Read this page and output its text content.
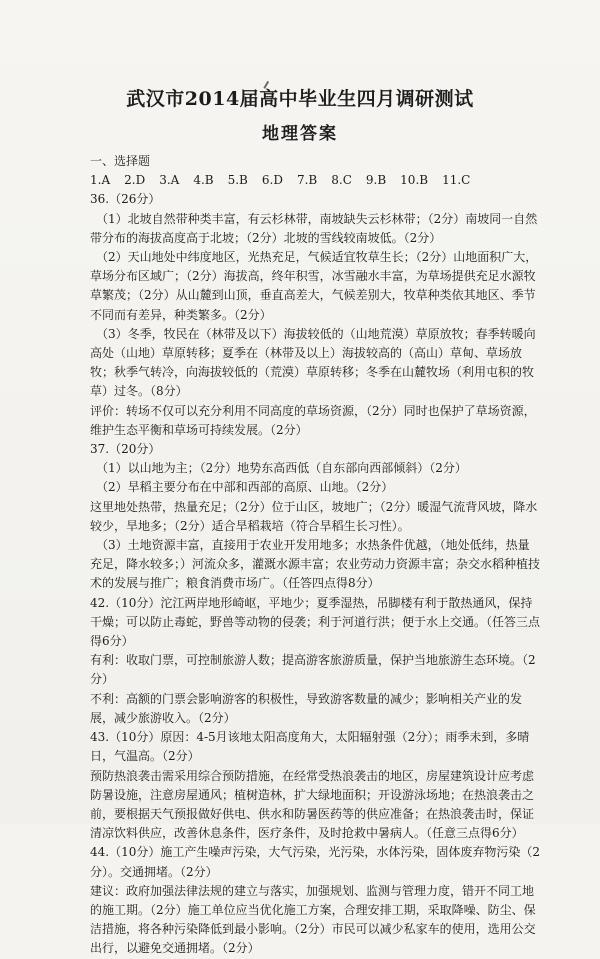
武汉市2014届高中毕业生四月调研测试
地理答案

一、选择题

1.A 2.D 3.A 4.B 5.B 6.D 7.B 8.C 9.B 10.B 11.C

36.（26分）

（1）北坡自然带种类丰富，有云杉林带，南坡缺失云杉林带；（2分）南坡同一自然带分布的海拔高度高于北坡；（2分）北坡的雪线较南坡低。（2分）

（2）天山地处中纬度地区，光热充足，气候适宜牧草生长；（2分）山地面积广大，草场分布区域广；（2分）海拔高，终年积雪，冰雪融水丰富，为草场提供充足水源牧草繁茂；（2分）从山麓到山顶，垂直高差大，气候差别大，牧草种类依其地区、季节不同而有差异，种类繁多。（2分）

（3）冬季，牧民在（林带及以下）海拔较低的（山地荒漠）草原放牧；春季转暖向高处（山地）草原转移；夏季在（林带及以上）海拔较高的（高山）草甸、草场放牧；秋季气转冷，向海拔较低的（荒漠）草原转移；冬季在山麓牧场（利用屯积的牧草）过冬。（8分）

评价：转场不仅可以充分利用不同高度的草场资源，（2分）同时也保护了草场资源，维护生态平衡和草场可持续发展。（2分）

37.（20分）

（1）以山地为主；（2分）地势东高西低（自东部向西部倾斜）（2分）

（2）旱稻主要分布在中部和西部的高原、山地。（2分）

这里地处热带，热量充足；（2分）位于山区，坡地广；（2分）暖湿气流背风坡，降水较少，旱地多；（2分）适合旱稻栽培（符合旱稻生长习性）。

（3）土地资源丰富，直接用于农业开发用地多；水热条件优越，（地处低纬，热量充足，降水较多；）河流众多，灌溉水源丰富；农业劳动力资源丰富；杂交水稻种植技术的发展与推广；粮食消费市场广。（任答四点得8分）

42.（10分）沱江两岸地形崎岖，平地少；夏季湿热，吊脚楼有利于散热通风，保持干燥；可以防止毒蛇，野兽等动物的侵袭；利于河道行洪；便于水上交通。（任答三点得6分）

有利：收取门票，可控制旅游人数；提高游客旅游质量，保护当地旅游生态环境。（2分）

不利：高额的门票会影响游客的积极性，导致游客数量的减少；影响相关产业的发展，减少旅游收入。（2分）

43.（10分）原因：4-5月该地太阳高度角大，太阳辐射强（2分）；雨季未到，多晴日，气温高。（2分）

预防热浪袭击需采用综合预防措施，在经常受热浪袭击的地区，房屋建筑设计应考虑防暑设施，注意房屋通风；植树造林，扩大绿地面积；开设游泳场地；在热浪袭击之前，要根据天气预报做好供电、供水和防暑医药等的供应准备；在热浪袭击时，保证清凉饮料供应，改善休息条件，医疗条件，及时抢救中暑病人。（任意三点得6分）

44.（10分）施工产生噪声污染，大气污染，光污染，水体污染，固体废弃物污染（2分）。交通拥堵。（2分）

建议：政府加强法律法规的建立与落实，加强规划、监测与管理力度，错开不同工地的施工期。（2分）施工单位应当优化施工方案，合理安排工期，采取降噪、防尘、保洁措施，将各种污染降低到最小影响。（2分）市民可以减少私家车的使用，选用公交出行，以避免交通拥堵。（2分）
